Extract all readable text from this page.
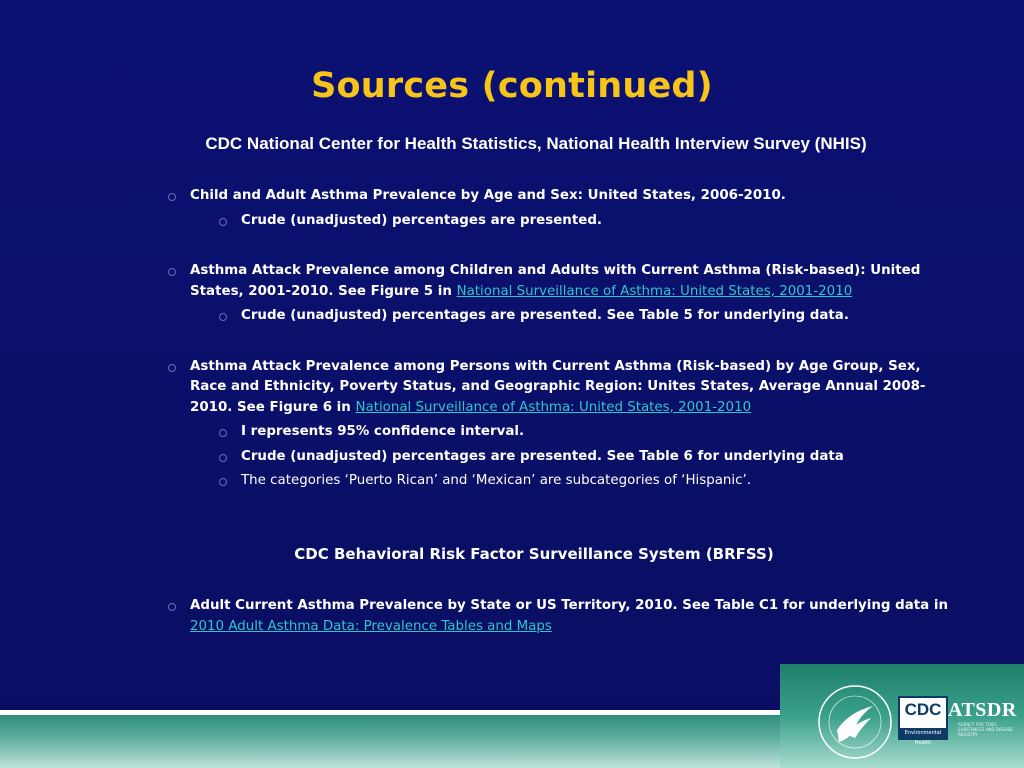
Sources (continued)
CDC National Center for Health Statistics, National Health Interview Survey (NHIS)
Child and Adult Asthma Prevalence by Age and Sex: United States, 2006-2010.
Crude (unadjusted) percentages are presented.
Asthma Attack Prevalence among Children and Adults with Current Asthma (Risk-based): United States, 2001-2010. See Figure 5 in National Surveillance of Asthma: United States, 2001-2010
Crude (unadjusted) percentages are presented. See Table 5 for underlying data.
Asthma Attack Prevalence among Persons with Current Asthma (Risk-based) by Age Group, Sex, Race and Ethnicity, Poverty Status, and Geographic Region: Unites States, Average Annual 2008-2010. See Figure 6 in National Surveillance of Asthma: United States, 2001-2010
I represents 95% confidence interval.
Crude (unadjusted) percentages are presented. See Table 6 for underlying data
The categories ‘Puerto Rican’ and ‘Mexican’ are subcategories of ‘Hispanic’.
CDC Behavioral Risk Factor Surveillance System (BRFSS)
Adult Current Asthma Prevalence by State or US Territory, 2010. See Table C1 for underlying data in 2010 Adult Asthma Data: Prevalence Tables and Maps
CDC
Environmental Health
ATSDR
AGENCY FOR TOXIC SUBSTANCES AND DISEASE REGISTRY
